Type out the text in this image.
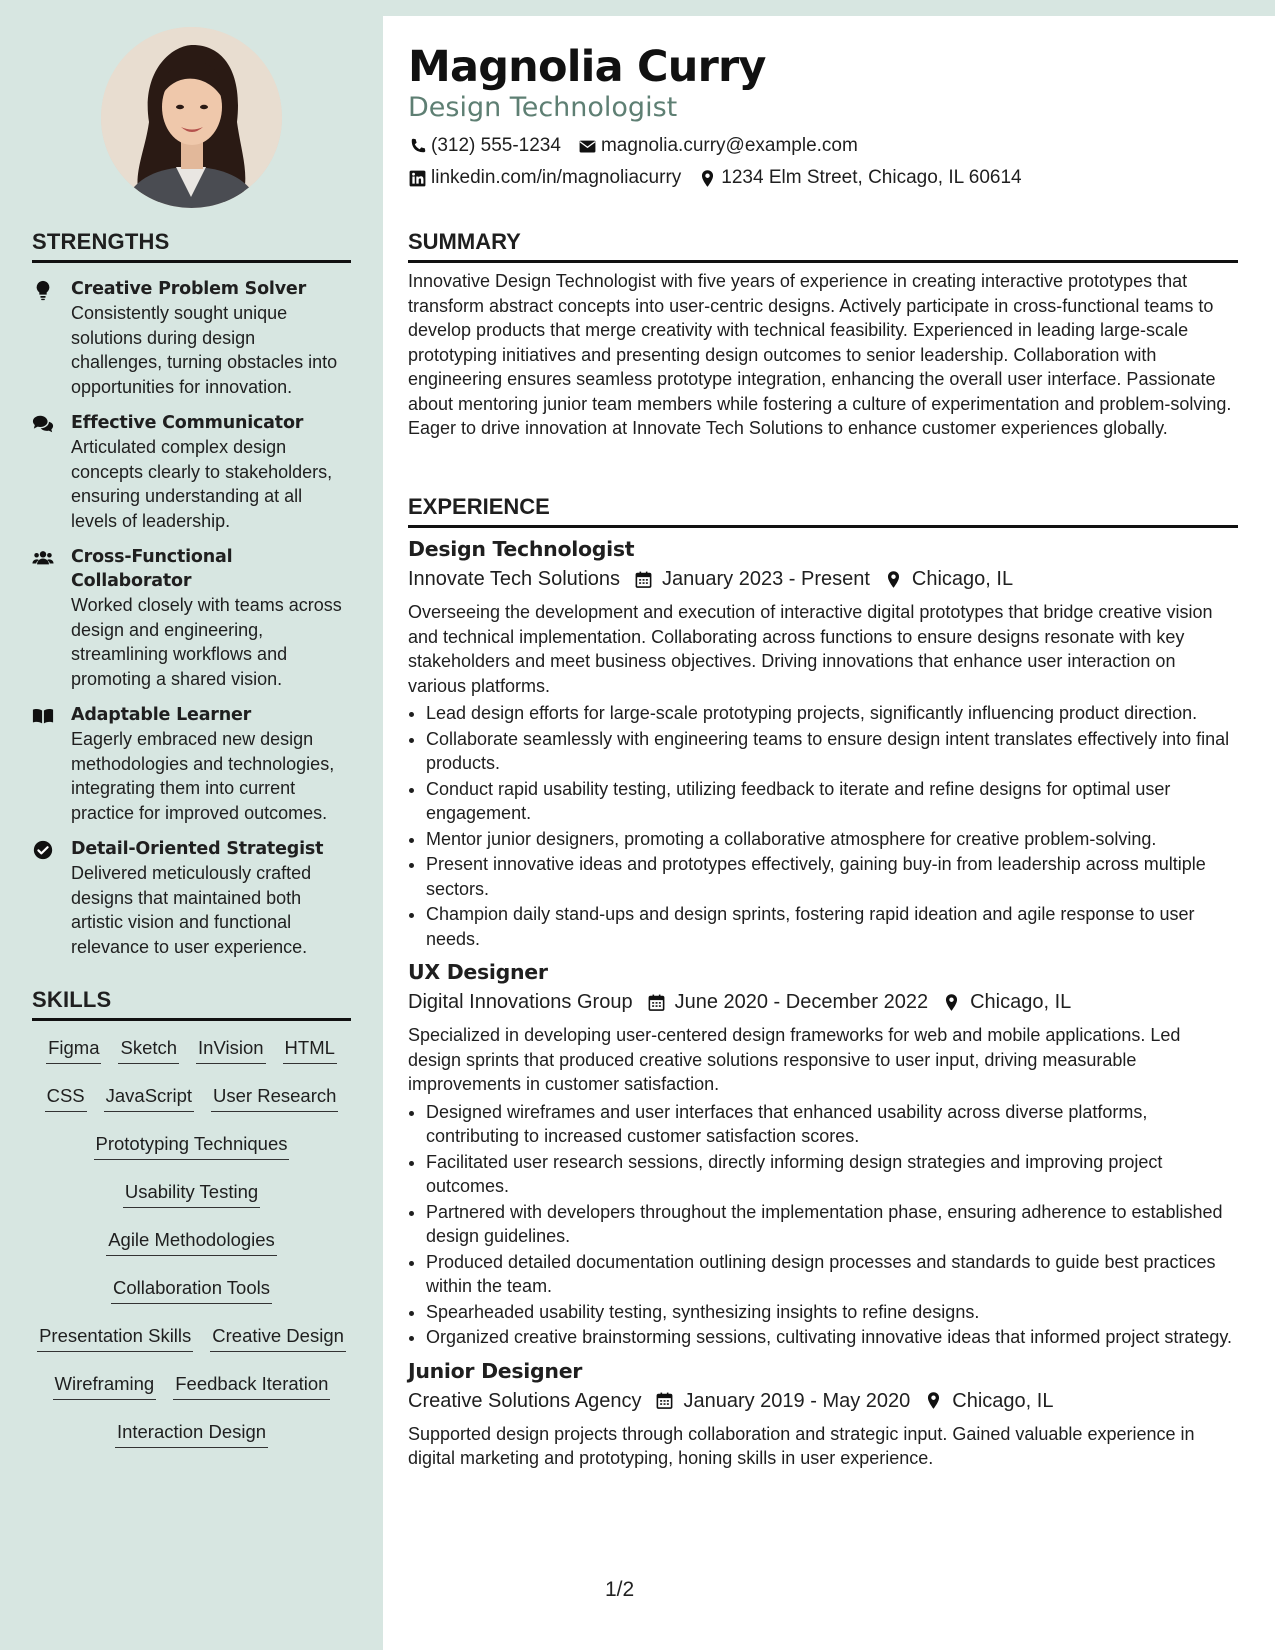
STRENGTHS
Creative Problem Solver
Consistently sought unique solutions during design challenges, turning obstacles into opportunities for innovation.
Effective Communicator
Articulated complex design concepts clearly to stakeholders, ensuring understanding at all levels of leadership.
Cross-Functional Collaborator
Worked closely with teams across design and engineering, streamlining workflows and promoting a shared vision.
Adaptable Learner
Eagerly embraced new design methodologies and technologies, integrating them into current practice for improved outcomes.
Detail-Oriented Strategist
Delivered meticulously crafted designs that maintained both artistic vision and functional relevance to user experience.
SKILLS
Figma Sketch InVision HTML
CSS JavaScript User Research
Prototyping Techniques
Usability Testing
Agile Methodologies
Collaboration Tools
Presentation Skills Creative Design
Wireframing Feedback Iteration
Interaction Design
Magnolia Curry
Design Technologist
(312) 555-1234 magnolia.curry@example.com
linkedin.com/in/magnoliacurry 1234 Elm Street, Chicago, IL 60614
SUMMARY

Innovative Design Technologist with five years of experience in creating interactive prototypes that transform abstract concepts into user-centric designs. Actively participate in cross-functional teams to develop products that merge creativity with technical feasibility. Experienced in leading large-scale prototyping initiatives and presenting design outcomes to senior leadership. Collaboration with engineering ensures seamless prototype integration, enhancing the overall user interface. Passionate about mentoring junior team members while fostering a culture of experimentation and problem-solving. Eager to drive innovation at Innovate Tech Solutions to enhance customer experiences globally.

EXPERIENCE
Design Technologist
Innovate Tech Solutions January 2023 - Present Chicago, IL

Overseeing the development and execution of interactive digital prototypes that bridge creative vision and technical implementation. Collaborating across functions to ensure designs resonate with key stakeholders and meet business objectives. Driving innovations that enhance user interaction on various platforms.

• Lead design efforts for large-scale prototyping projects, significantly influencing product direction.
• Collaborate seamlessly with engineering teams to ensure design intent translates effectively into final products.
• Conduct rapid usability testing, utilizing feedback to iterate and refine designs for optimal user engagement.
• Mentor junior designers, promoting a collaborative atmosphere for creative problem-solving.
• Present innovative ideas and prototypes effectively, gaining buy-in from leadership across multiple sectors.
• Champion daily stand-ups and design sprints, fostering rapid ideation and agile response to user needs.
UX Designer
Digital Innovations Group June 2020 - December 2022 Chicago, IL

Specialized in developing user-centered design frameworks for web and mobile applications. Led design sprints that produced creative solutions responsive to user input, driving measurable improvements in customer satisfaction.

• Designed wireframes and user interfaces that enhanced usability across diverse platforms, contributing to increased customer satisfaction scores.
• Facilitated user research sessions, directly informing design strategies and improving project outcomes.
• Partnered with developers throughout the implementation phase, ensuring adherence to established design guidelines.
• Produced detailed documentation outlining design processes and standards to guide best practices within the team.
• Spearheaded usability testing, synthesizing insights to refine designs.
• Organized creative brainstorming sessions, cultivating innovative ideas that informed project strategy.
Junior Designer
Creative Solutions Agency January 2019 - May 2020 Chicago, IL

Supported design projects through collaboration and strategic input. Gained valuable experience in digital marketing and prototyping, honing skills in user experience.

1/2
